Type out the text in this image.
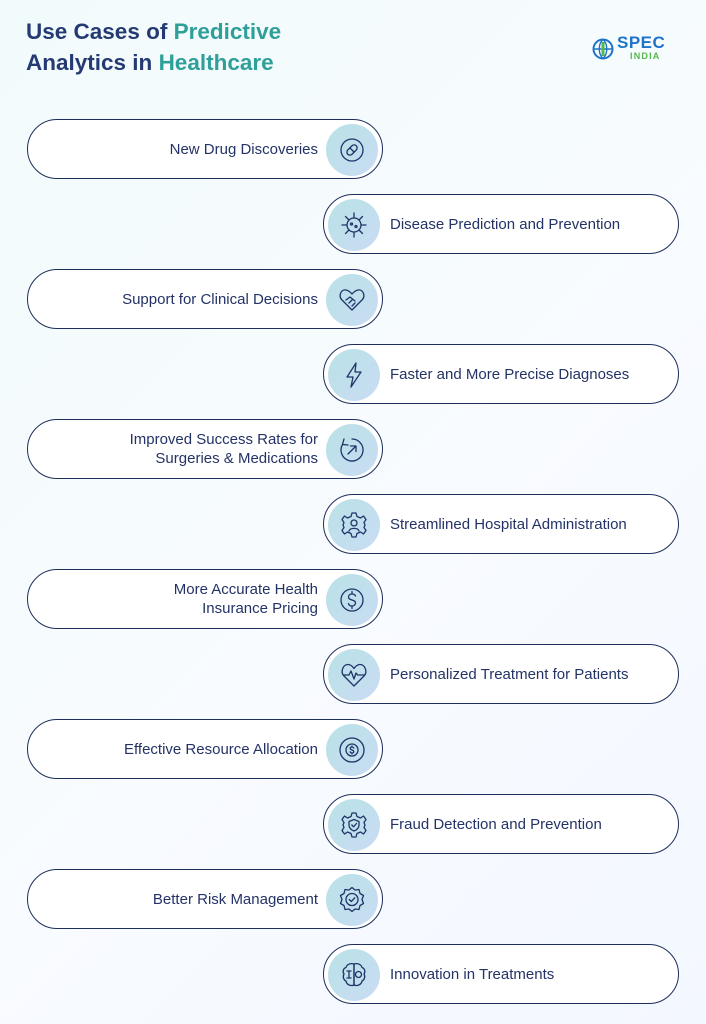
Use Cases of Predictive
Analytics in Healthcare
SPEC
INDIA
New Drug Discoveries
Disease Prediction and Prevention
Support for Clinical Decisions
Faster and More Precise Diagnoses
Improved Success Rates for
Surgeries & Medications
Streamlined Hospital Administration
More Accurate Health
Insurance Pricing
Personalized Treatment for Patients
Effective Resource Allocation
Fraud Detection and Prevention
Better Risk Management
Innovation in Treatments
